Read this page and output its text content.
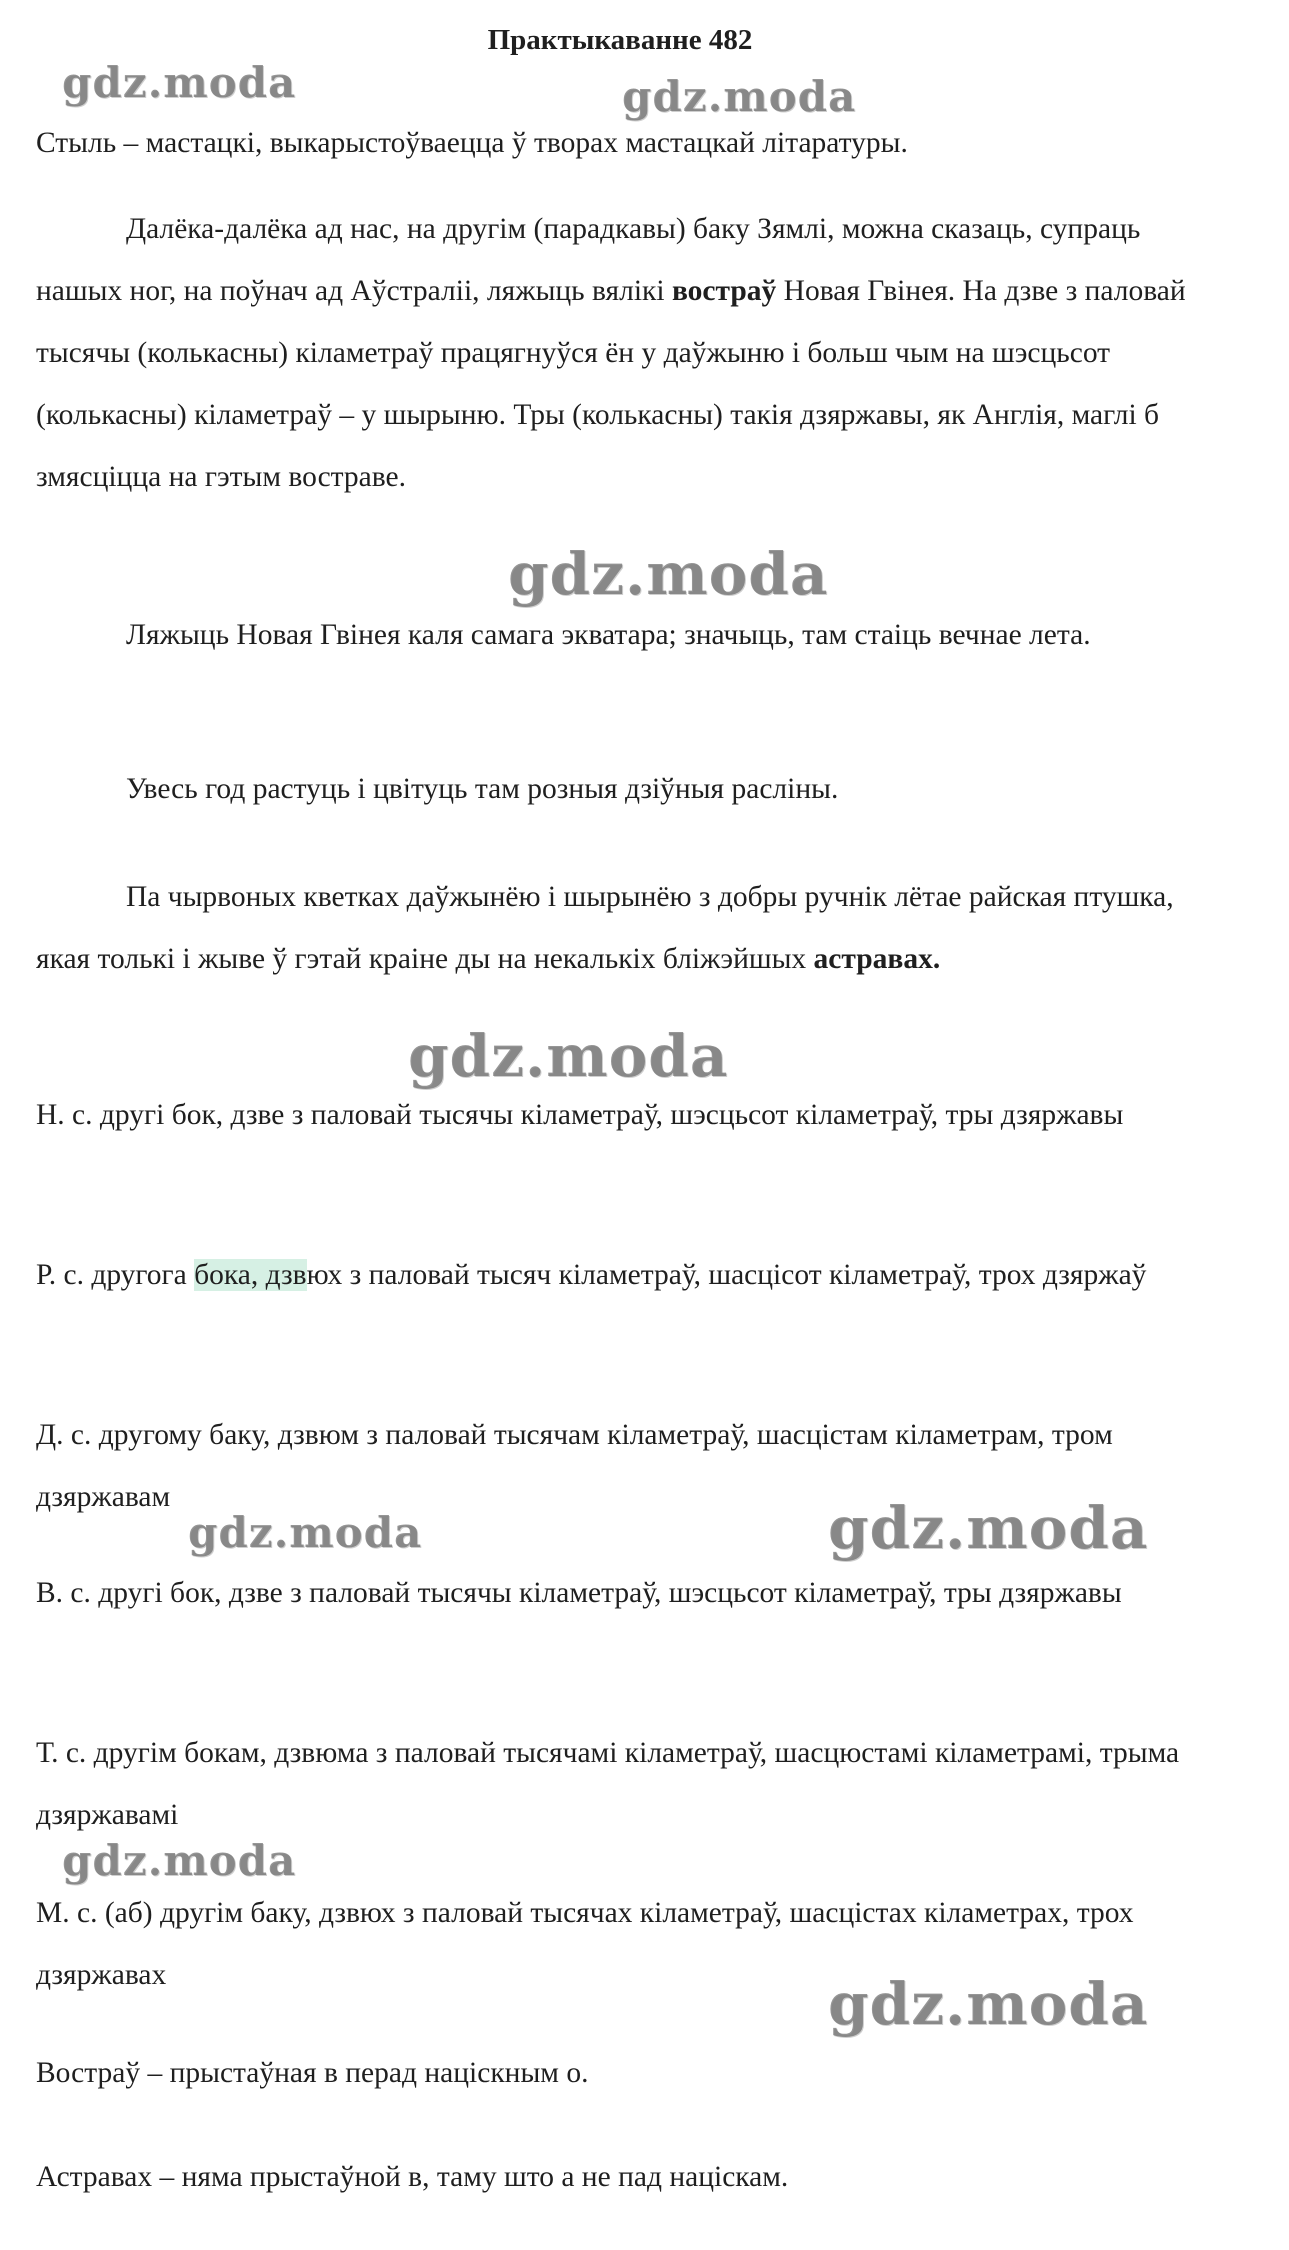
Практыкаванне 482

Стыль – мастацкі, выкарыстоўваецца ў творах мастацкай літаратуры.

Далёка-далёка ад нас, на другім (парадкавы) баку Зямлі, можна сказаць, супраць нашых ног, на поўнач ад Аўстраліі, ляжыць вялікі востраў Новая Гвінея. На дзве з паловай тысячы (колькасны) кіламетраў працягнуўся ён у даўжыню і больш чым на шэсцьсот (колькасны) кіламетраў – у шырыню. Тры (колькасны) такія дзяржавы, як Англія, маглі б змясціцца на гэтым востраве.

Ляжыць Новая Гвінея каля самага экватара; значыць, там стаіць вечнае лета.

Увесь год растуць і цвітуць там розныя дзіўныя расліны.

Па чырвоных кветках даўжынёю і шырынёю з добры ручнік лётае райская птушка, якая толькі і жыве ў гэтай краіне ды на некалькіх бліжэйшых астравах.

Н. с. другі бок, дзве з паловай тысячы кіламетраў, шэсцьсот кіламетраў, тры дзяржавы

Р. с. другога бока, дзвюх з паловай тысяч кіламетраў, шасцісот кіламетраў, трох дзяржаў

Д. с. другому баку, дзвюм з паловай тысячам кіламетраў, шасцістам кіламетрам, тром дзяржавам

В. с. другі бок, дзве з паловай тысячы кіламетраў, шэсцьсот кіламетраў, тры дзяржавы

Т. с. другім бокам, дзвюма з паловай тысячамі кіламетраў, шасцюстамі кіламетрамі, трыма дзяржавамі

М. с. (аб) другім баку, дзвюх з паловай тысячах кіламетраў, шасцістах кіламетрах, трох дзяржавах

Востраў – прыстаўная в перад націскным о.

Астравах – няма прыстаўной в, таму што а не пад націскам.

gdz.moda	gdz.moda
gdz.moda
gdz.moda
gdz.moda	gdz.moda
gdz.moda
gdz.moda
